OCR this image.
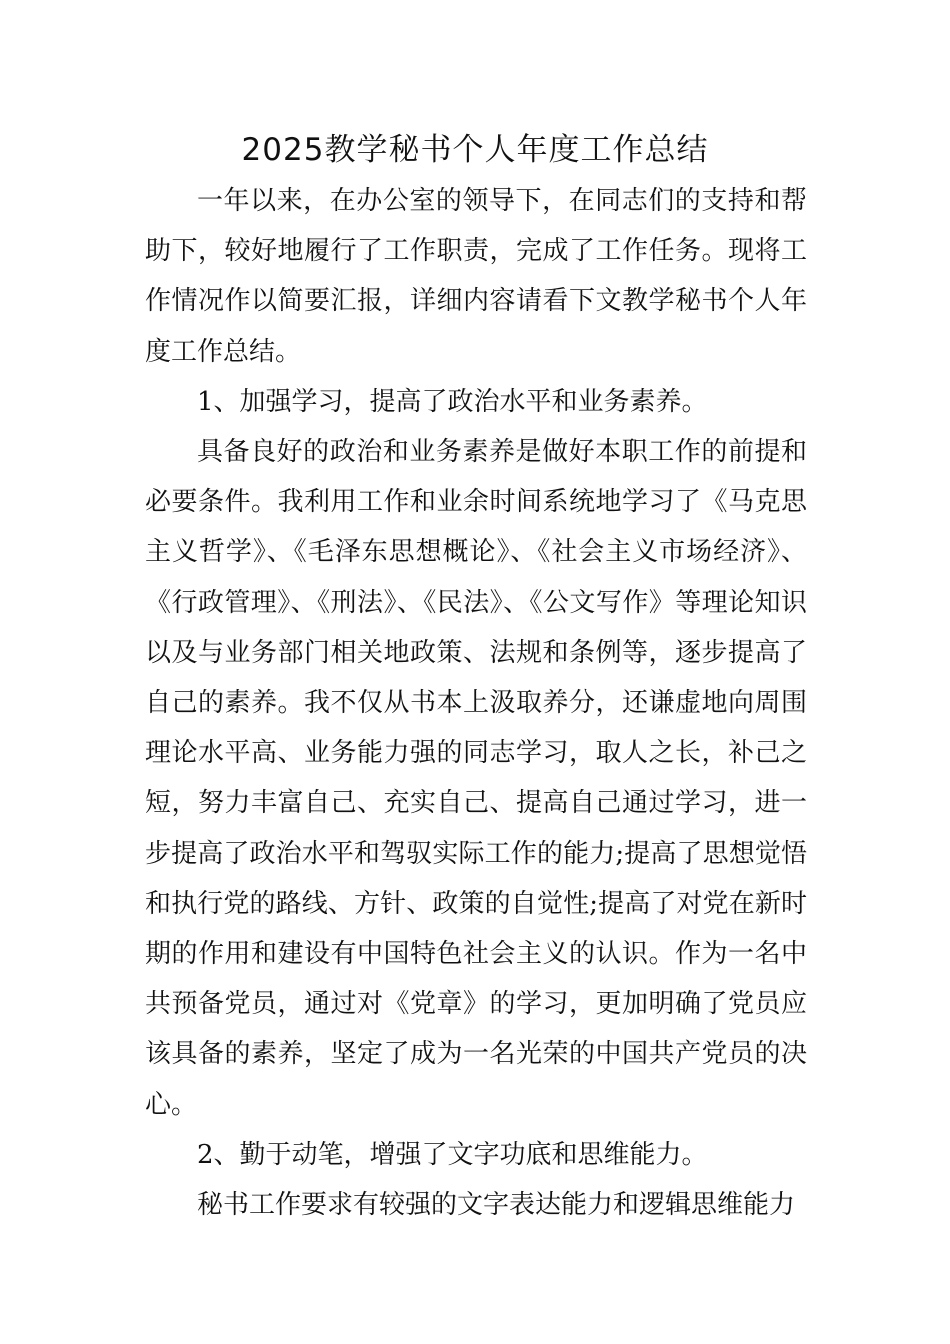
2025教学秘书个人年度工作总结

一年以来，在办公室的领导下，在同志们的支持和帮助下，较好地履行了工作职责，完成了工作任务。现将工作情况作以简要汇报，详细内容请看下文教学秘书个人年度工作总结。

1、加强学习，提高了政治水平和业务素养。

具备良好的政治和业务素养是做好本职工作的前提和必要条件。我利用工作和业余时间系统地学习了《马克思主义哲学》、《毛泽东思想概论》、《社会主义市场经济》、《行政管理》、《刑法》、《民法》、《公文写作》等理论知识以及与业务部门相关地政策、法规和条例等，逐步提高了自己的素养。我不仅从书本上汲取养分，还谦虚地向周围理论水平高、业务能力强的同志学习，取人之长，补己之短，努力丰富自己、充实自己、提高自己通过学习，进一步提高了政治水平和驾驭实际工作的能力;提高了思想觉悟和执行党的路线、方针、政策的自觉性;提高了对党在新时期的作用和建设有中国特色社会主义的认识。作为一名中共预备党员，通过对《党章》的学习，更加明确了党员应该具备的素养，坚定了成为一名光荣的中国共产党员的决心。

2、勤于动笔，增强了文字功底和思维能力。

秘书工作要求有较强的文字表达能力和逻辑思维能力
